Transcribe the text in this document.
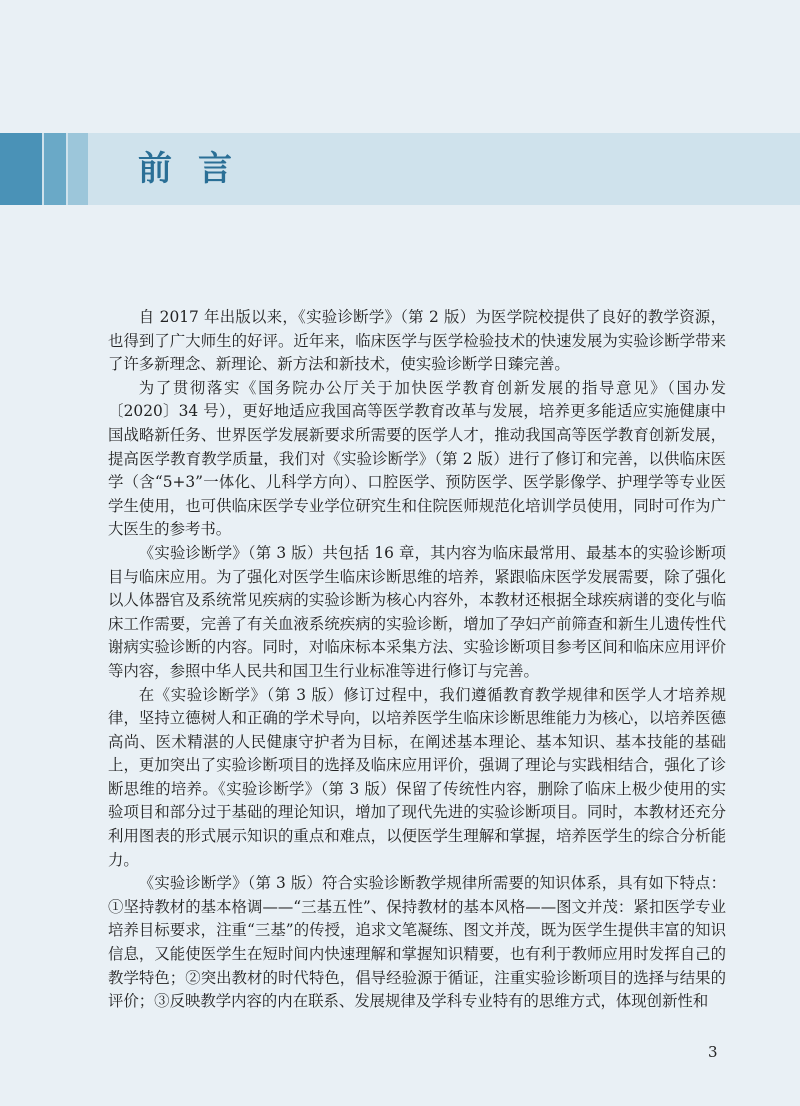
前言

自 2017 年出版以来，《实验诊断学》（第 2 版）为医学院校提供了良好的教学资源，也得到了广大师生的好评。近年来，临床医学与医学检验技术的快速发展为实验诊断学带来了许多新理念、新理论、新方法和新技术，使实验诊断学日臻完善。

为了贯彻落实《国务院办公厅关于加快医学教育创新发展的指导意见》（国办发〔2020〕34 号），更好地适应我国高等医学教育改革与发展，培养更多能适应实施健康中国战略新任务、世界医学发展新要求所需要的医学人才，推动我国高等医学教育创新发展，提高医学教育教学质量，我们对《实验诊断学》（第 2 版）进行了修订和完善，以供临床医学（含“5+3”一体化、儿科学方向）、口腔医学、预防医学、医学影像学、护理学等专业医学生使用，也可供临床医学专业学位研究生和住院医师规范化培训学员使用，同时可作为广大医生的参考书。

《实验诊断学》（第 3 版）共包括 16 章，其内容为临床最常用、最基本的实验诊断项目与临床应用。为了强化对医学生临床诊断思维的培养，紧跟临床医学发展需要，除了强化以人体器官及系统常见疾病的实验诊断为核心内容外，本教材还根据全球疾病谱的变化与临床工作需要，完善了有关血液系统疾病的实验诊断，增加了孕妇产前筛查和新生儿遗传性代谢病实验诊断的内容。同时，对临床标本采集方法、实验诊断项目参考区间和临床应用评价等内容，参照中华人民共和国卫生行业标准等进行修订与完善。

在《实验诊断学》（第 3 版）修订过程中，我们遵循教育教学规律和医学人才培养规律，坚持立德树人和正确的学术导向，以培养医学生临床诊断思维能力为核心，以培养医德高尚、医术精湛的人民健康守护者为目标，在阐述基本理论、基本知识、基本技能的基础上，更加突出了实验诊断项目的选择及临床应用评价，强调了理论与实践相结合，强化了诊断思维的培养。《实验诊断学》（第 3 版）保留了传统性内容，删除了临床上极少使用的实验项目和部分过于基础的理论知识，增加了现代先进的实验诊断项目。同时，本教材还充分利用图表的形式展示知识的重点和难点，以便医学生理解和掌握，培养医学生的综合分析能力。

《实验诊断学》（第 3 版）符合实验诊断教学规律所需要的知识体系，具有如下特点：①坚持教材的基本格调——“三基五性”、保持教材的基本风格——图文并茂：紧扣医学专业培养目标要求，注重“三基”的传授，追求文笔凝练、图文并茂，既为医学生提供丰富的知识信息，又能使医学生在短时间内快速理解和掌握知识精要，也有利于教师应用时发挥自己的教学特色；②突出教材的时代特色，倡导经验源于循证，注重实验诊断项目的选择与结果的评价；③反映教学内容的内在联系、发展规律及学科专业特有的思维方式，体现创新性和

3
